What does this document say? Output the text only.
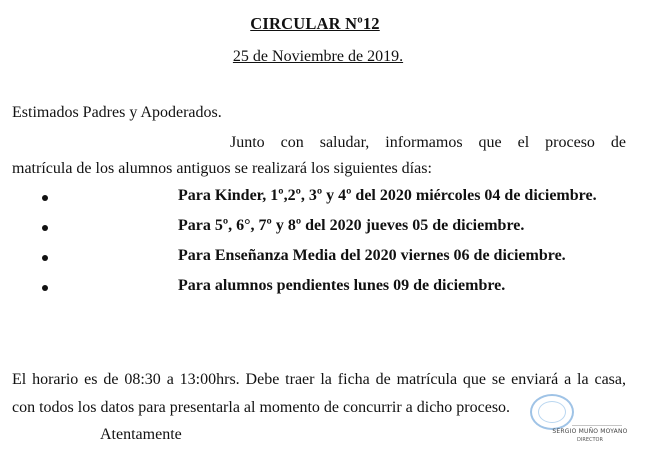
CIRCULAR Nº12
25 de Noviembre de 2019.
Estimados Padres y Apoderados.
Junto con saludar, informamos que el proceso de
matrícula de los alumnos antiguos se realizará los siguientes días:
Para Kinder, 1º,2º, 3º y 4º del 2020 miércoles 04 de diciembre.
Para 5º, 6°, 7º y 8º del 2020 jueves 05 de diciembre.
Para Enseñanza Media del 2020 viernes 06 de diciembre.
Para alumnos pendientes lunes 09 de diciembre.
El horario es de 08:30 a 13:00hrs. Debe traer la ficha de matrícula que se enviará a la casa,
con todos los datos para presentarla al momento de concurrir a dicho proceso.
Atentamente	SERGIO MUÑO MOYANO
DIRECTOR
